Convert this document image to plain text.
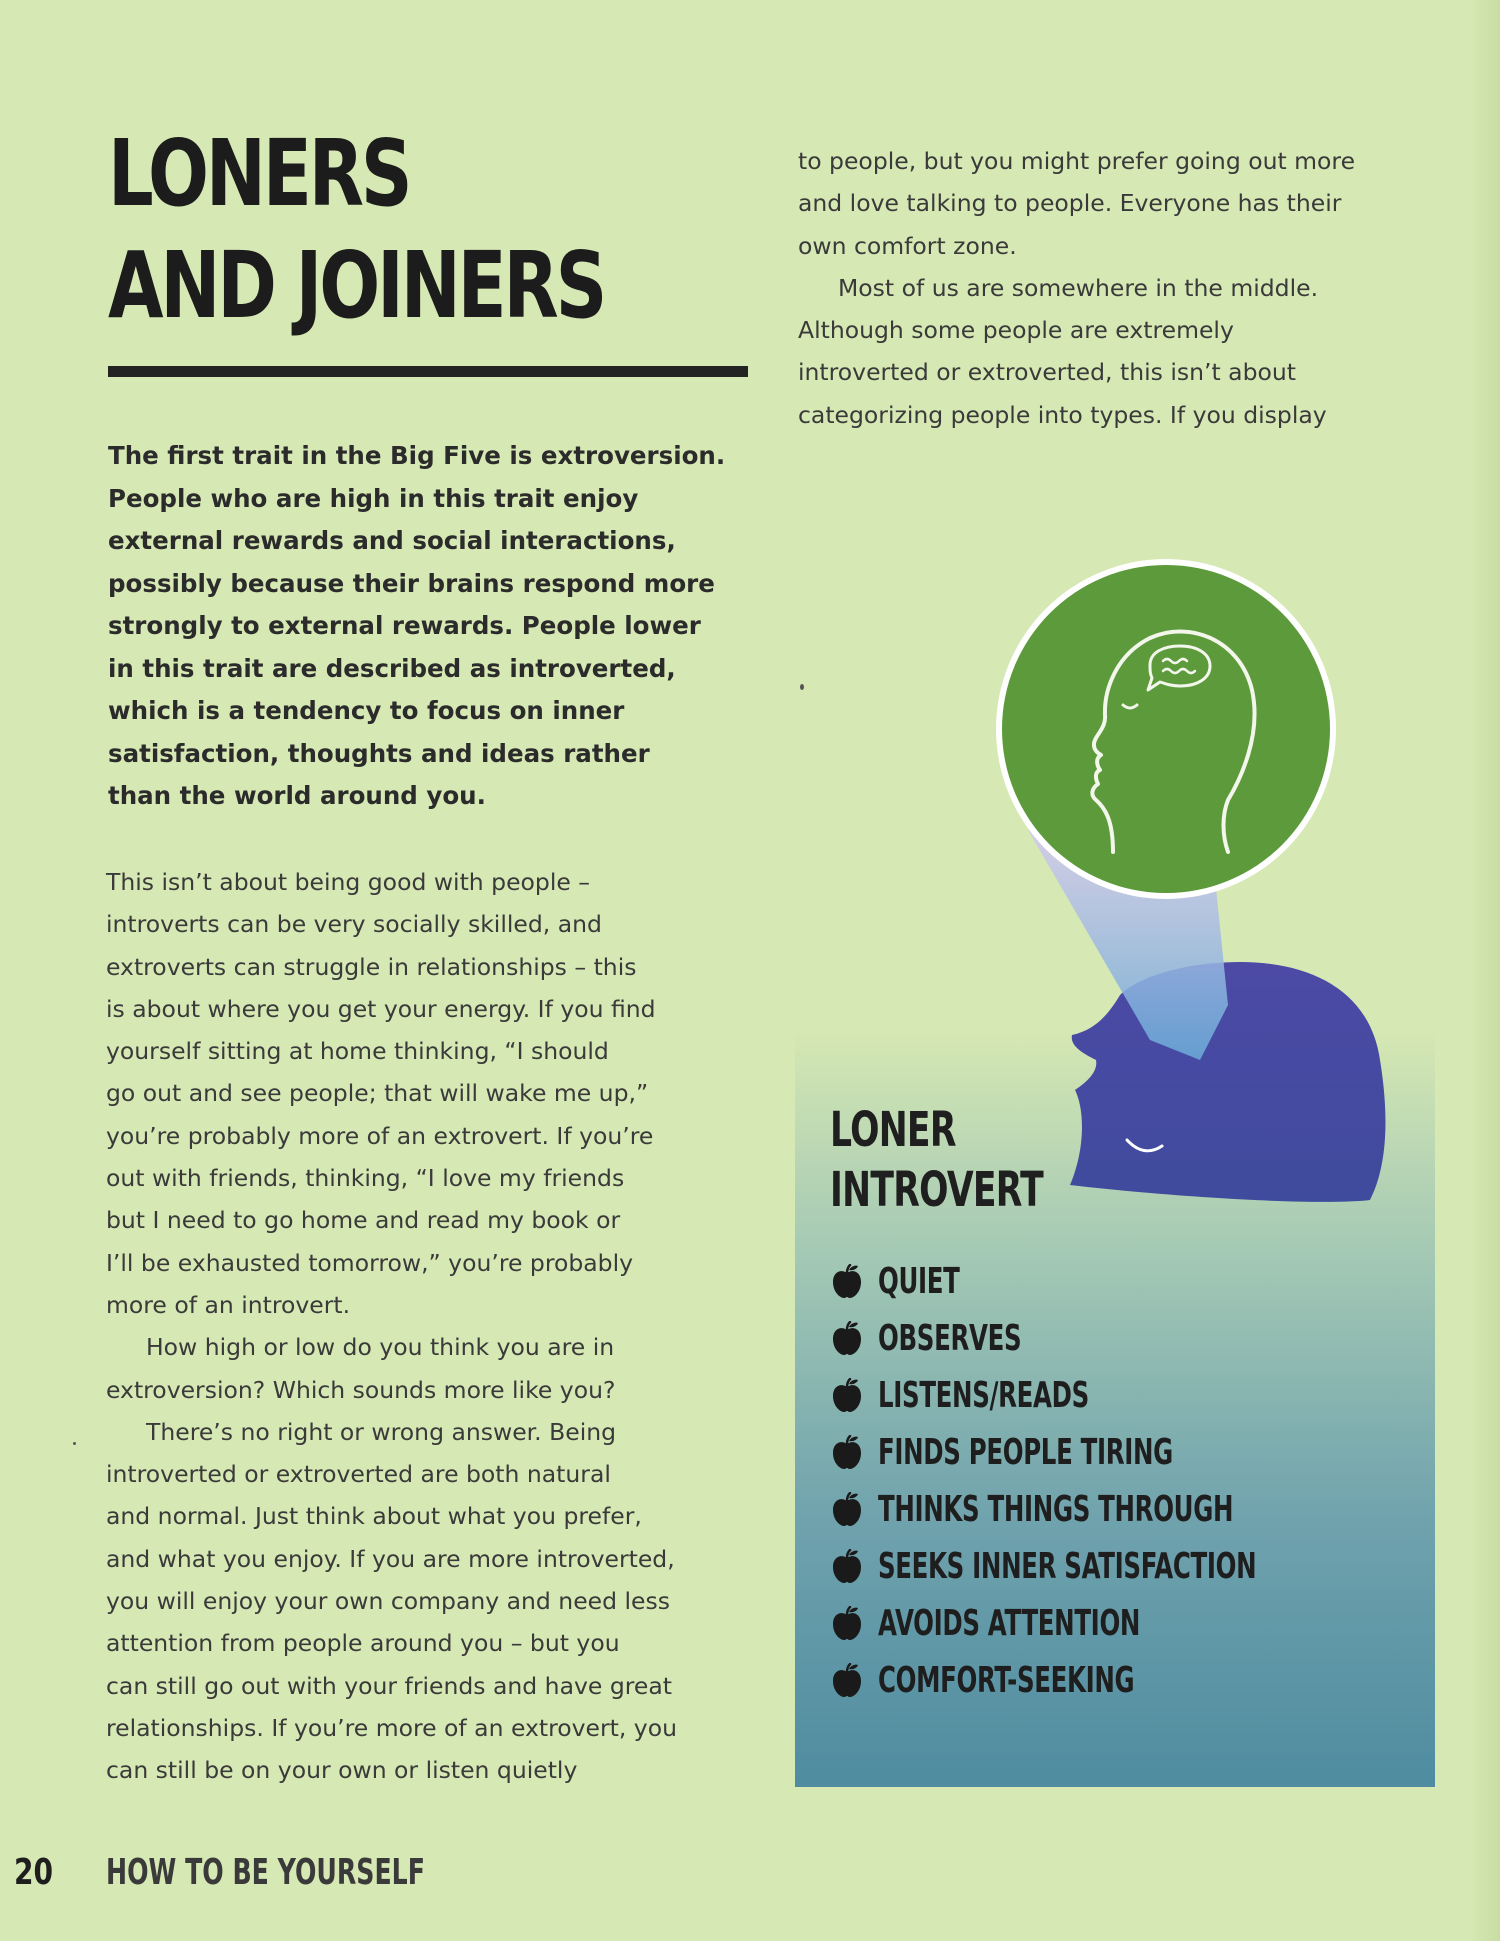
LONERS
AND JOINERS

The first trait in the Big Five is extroversion.
People who are high in this trait enjoy
external rewards and social interactions,
possibly because their brains respond more
strongly to external rewards. People lower
in this trait are described as introverted,
which is a tendency to focus on inner
satisfaction, thoughts and ideas rather
than the world around you.

This isn’t about being good with people –
introverts can be very socially skilled, and
extroverts can struggle in relationships – this
is about where you get your energy. If you find
yourself sitting at home thinking, “I should
go out and see people; that will wake me up,”
you’re probably more of an extrovert. If you’re
out with friends, thinking, “I love my friends
but I need to go home and read my book or
I’ll be exhausted tomorrow,” you’re probably
more of an introvert.
How high or low do you think you are in
extroversion? Which sounds more like you?
There’s no right or wrong answer. Being
introverted or extroverted are both natural
and normal. Just think about what you prefer,
and what you enjoy. If you are more introverted,
you will enjoy your own company and need less
attention from people around you – but you
can still go out with your friends and have great
relationships. If you’re more of an extrovert, you
can still be on your own or listen quietly
to people, but you might prefer going out more
and love talking to people. Everyone has their
own comfort zone.
Most of us are somewhere in the middle.
Although some people are extremely
introverted or extroverted, this isn’t about
categorizing people into types. If you display
LONER
INTROVERT
QUIET
OBSERVES
LISTENS/READS
FINDS PEOPLE TIRING
THINKS THINGS THROUGH
SEEKS INNER SATISFACTION
AVOIDS ATTENTION
COMFORT-SEEKING
20 HOW TO BE YOURSELF
